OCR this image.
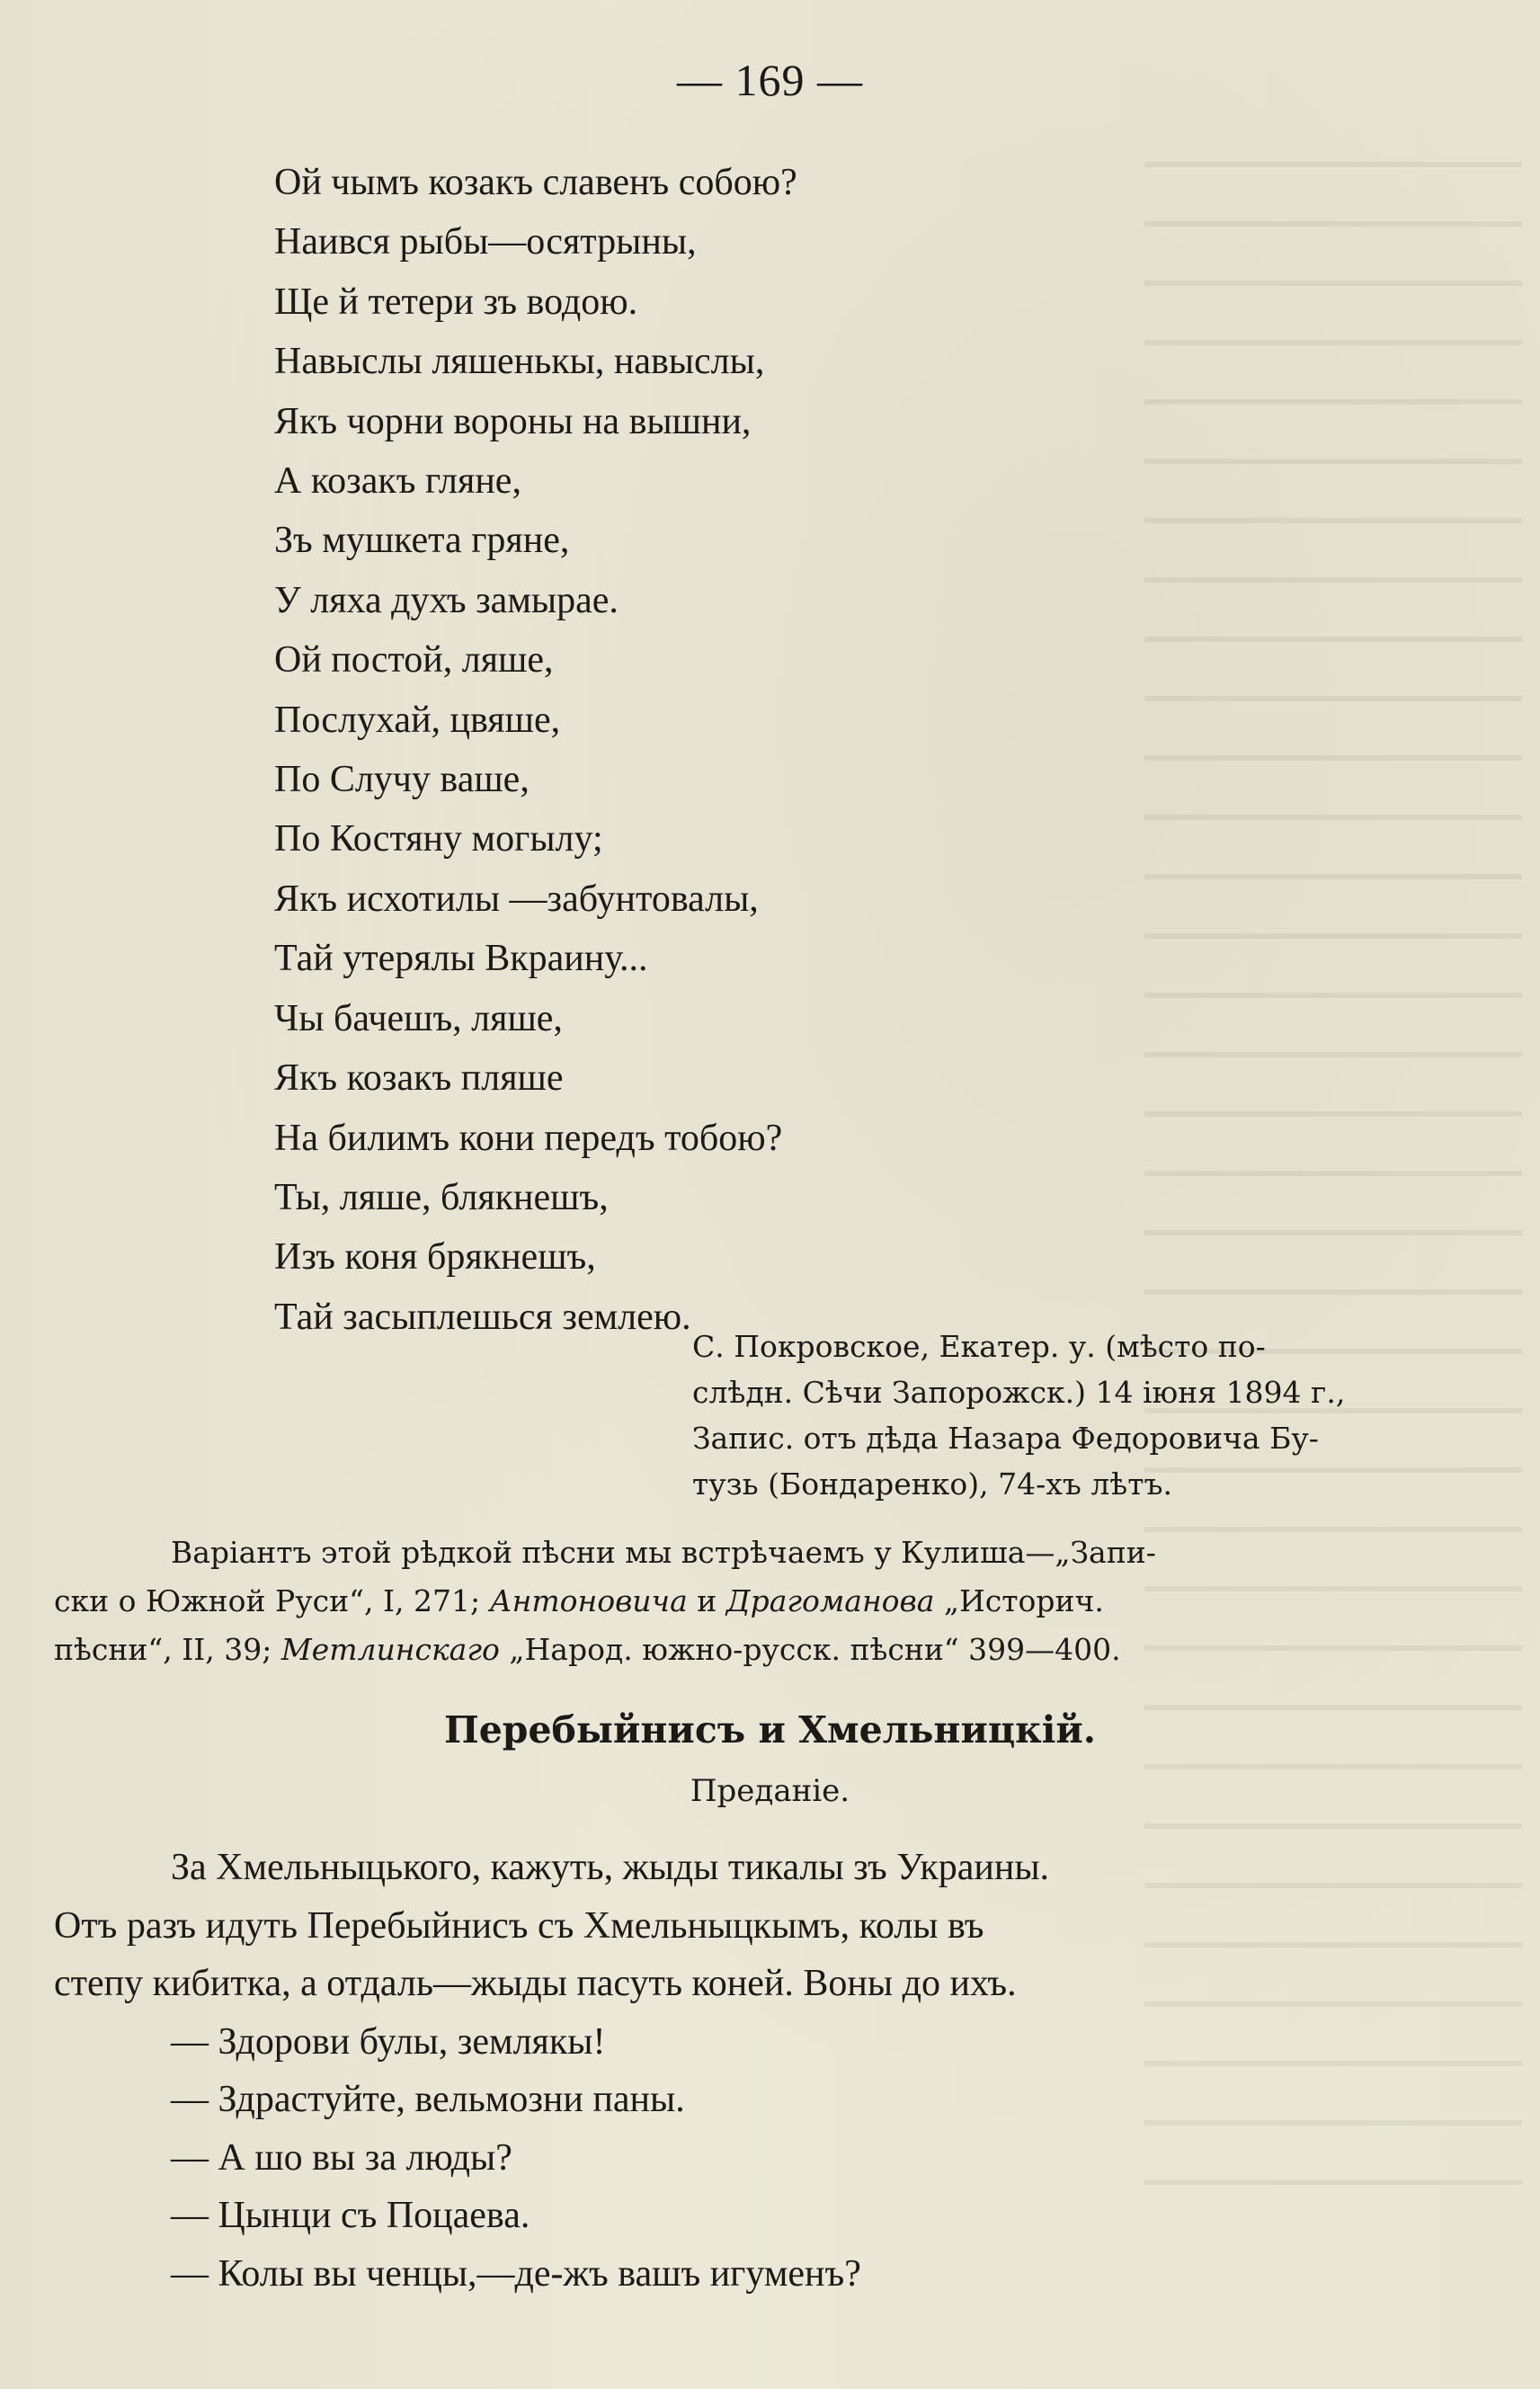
— 169 —
Ой чымъ козакъ славенъ собою?
Наився рыбы—осятрыны,
Ще й тетери зъ водою.
Навыслы ляшенькы, навыслы,
Якъ чорни вороны на вышни,
А козакъ гляне,
Зъ мушкета гряне,
У ляха духъ замырае.
Ой постой, ляше,
Послухай, цвяше,
По Случу ваше,
По Костяну могылу;
Якъ исхотилы —забунтовалы,
Тай утерялы Вкраину...
Чы бачешъ, ляше,
Якъ козакъ пляше
На билимъ кони передъ тобою?
Ты, ляше, блякнешъ,
Изъ коня брякнешъ,
Тай засыплешься землею.
С. Покровское, Екатер. у. (мѣсто по-
слѣдн. Сѣчи Запорожск.) 14 іюня 1894 г.,
Запис. отъ дѣда Назара Федоровича Бу-
тузь (Бондаренко), 74-хъ лѣтъ.

Варіантъ этой рѣдкой пѣсни мы встрѣчаемъ у Кулиша—„Запи-

ски о Южной Руси“, I, 271; Антоновича и Драгоманова „Историч.

пѣсни“, II, 39; Метлинскаго „Народ. южно-русск. пѣсни“ 399—400.

Перебыйнисъ и Хмельницкій.
Преданіе.

За Хмельныцького, кажуть, жыды тикалы зъ Украины.

Отъ разъ идуть Перебыйнисъ съ Хмельныцкымъ, колы въ

степу кибитка, а отдаль—жыды пасуть коней. Воны до ихъ.

— Здорови булы, землякы!

— Здрастуйте, вельмозни паны.

— А шо вы за люды?

— Цынци съ Поцаева.

— Колы вы ченцы,—де-жъ вашъ игуменъ?
